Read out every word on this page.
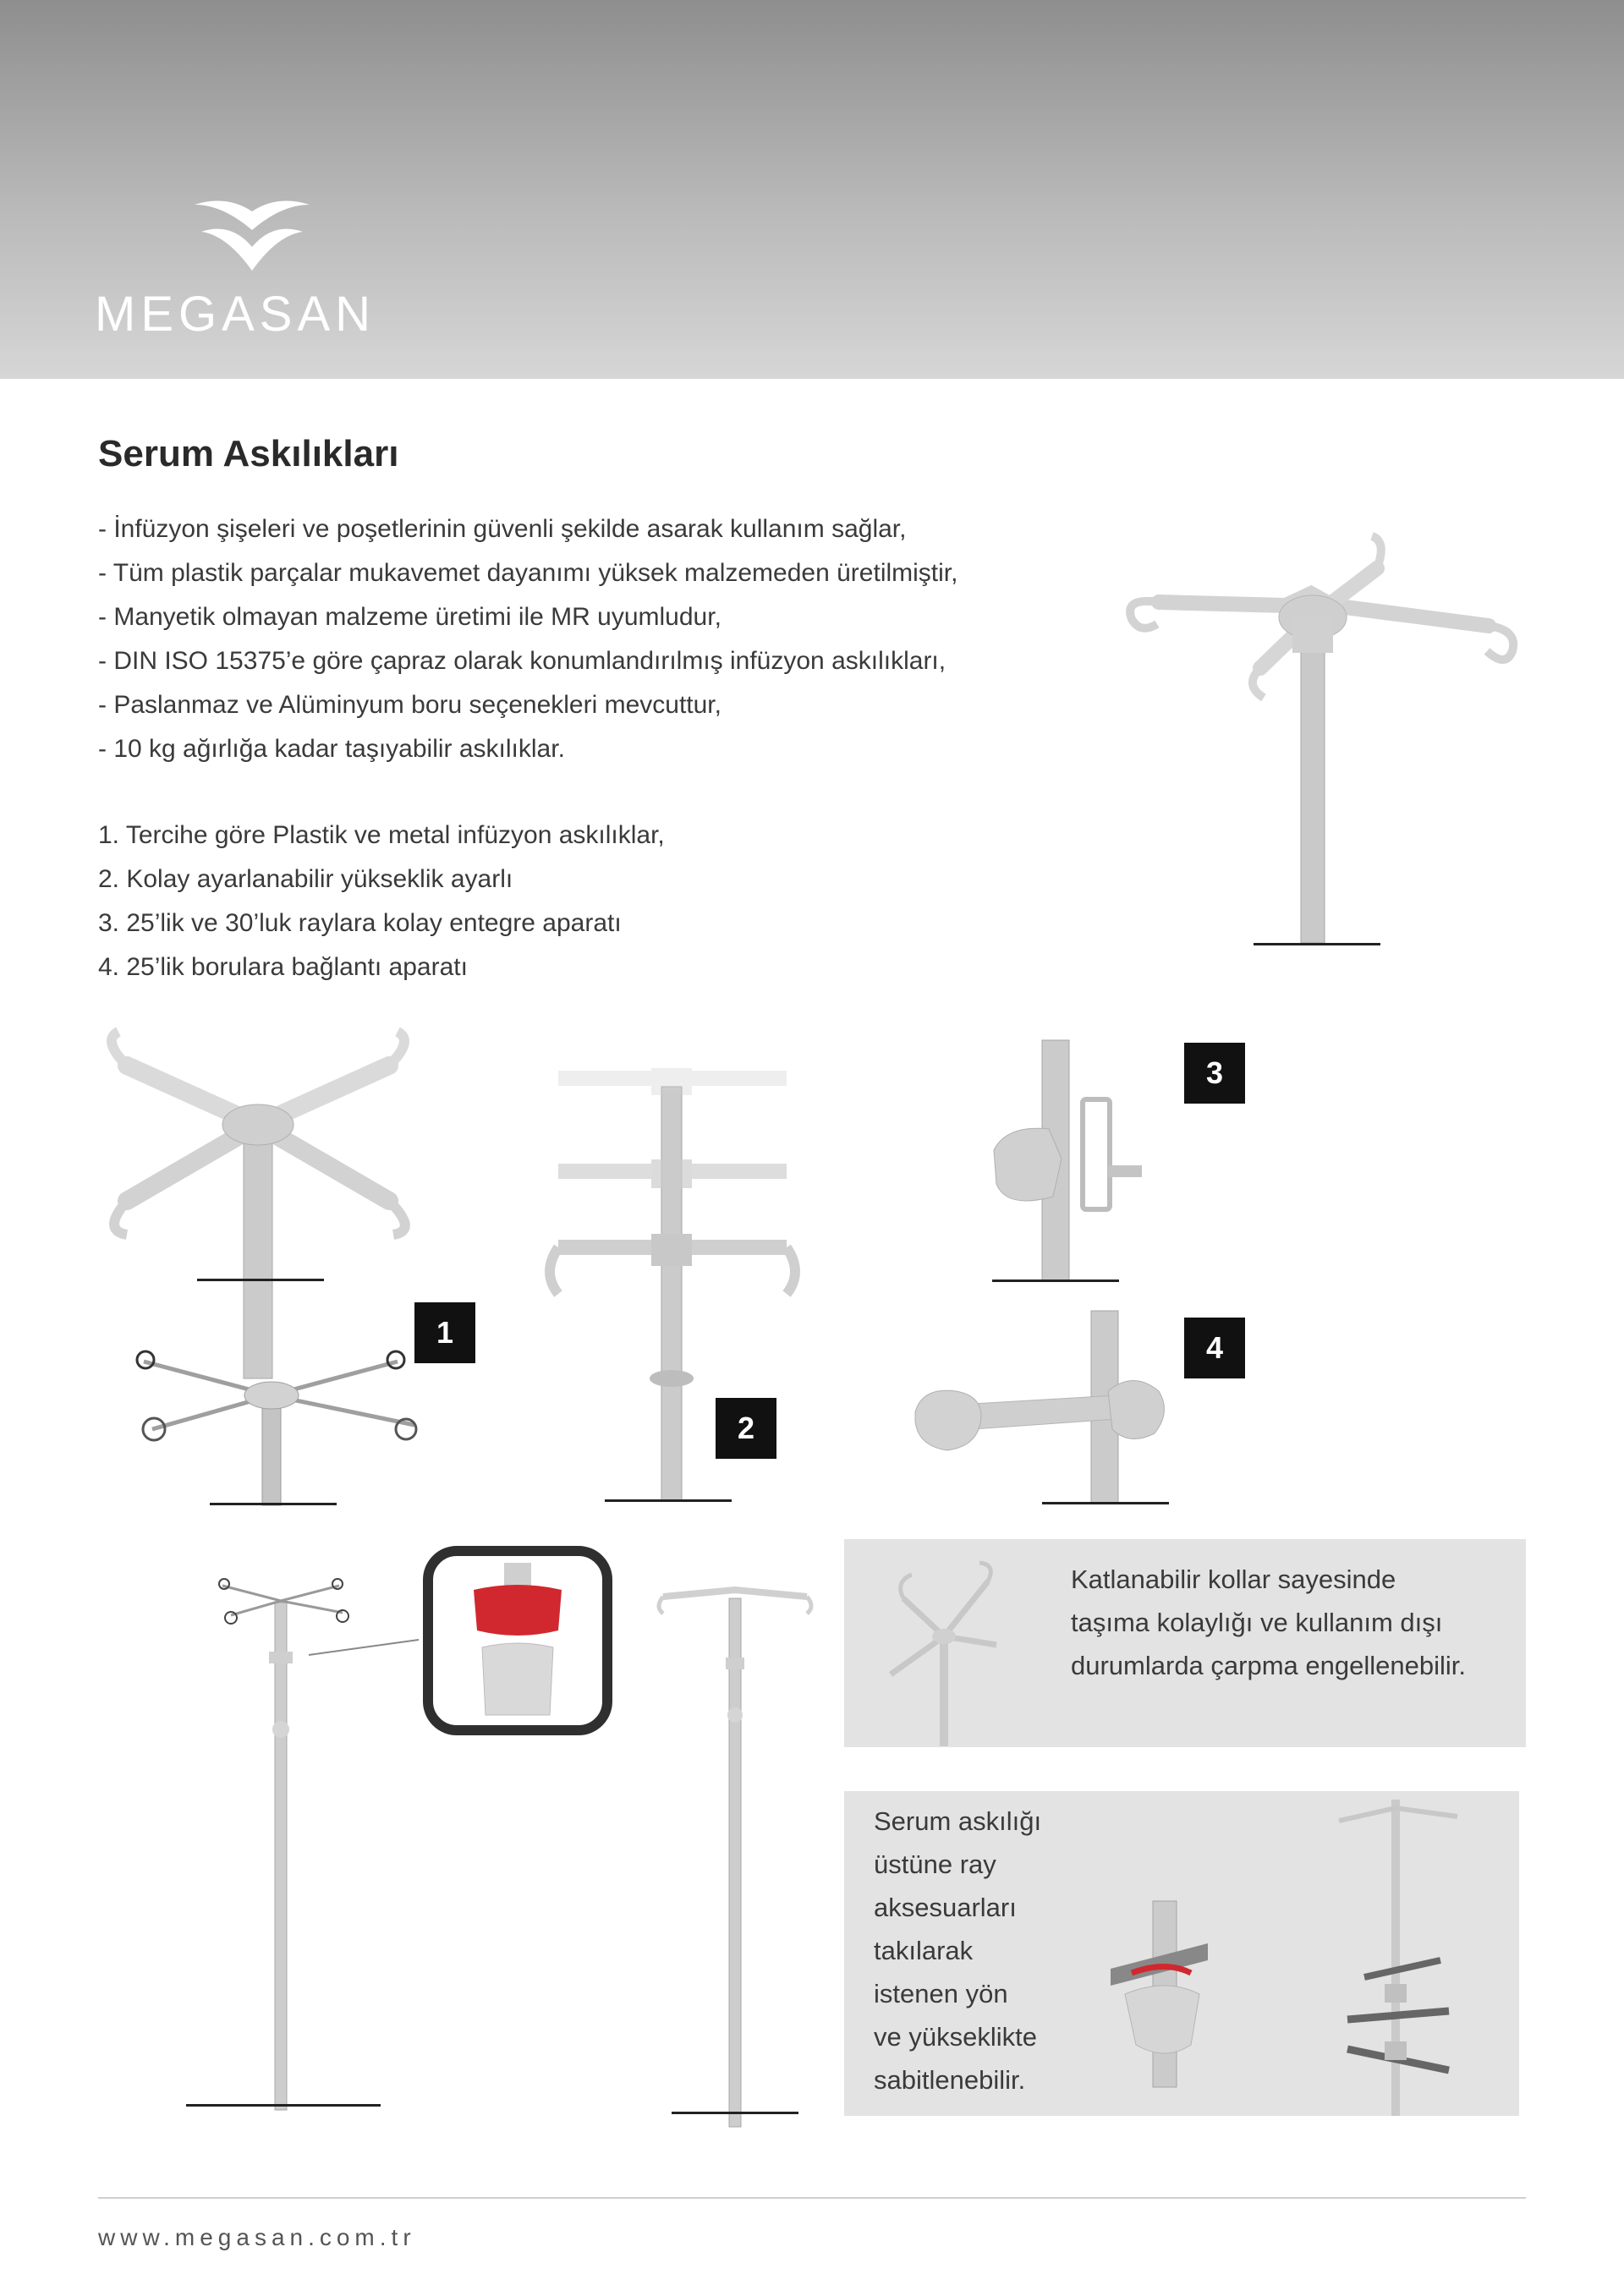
MEGASAN
Serum Askılıkları
- İnfüzyon şişeleri ve poşetlerinin güvenli şekilde asarak kullanım sağlar,
- Tüm plastik parçalar mukavemet dayanımı yüksek malzemeden üretilmiştir,
- Manyetik olmayan malzeme üretimi ile MR uyumludur,
- DIN ISO 15375’e göre çapraz olarak konumlandırılmış infüzyon askılıkları,
- Paslanmaz ve Alüminyum boru seçenekleri mevcuttur,
- 10 kg ağırlığa kadar taşıyabilir askılıklar.
1. Tercihe göre Plastik ve metal infüzyon askılıklar,
2. Kolay ayarlanabilir yükseklik ayarlı
3. 25’lik ve 30’luk raylara kolay entegre aparatı
4. 25’lik borulara bağlantı aparatı
1
2
3
4
Katlanabilir kollar sayesinde
taşıma kolaylığı ve kullanım dışı
durumlarda çarpma engellenebilir.
Serum askılığı
üstüne ray
aksesuarları
takılarak
istenen yön
ve yükseklikte
sabitlenebilir.
www.megasan.com.tr
